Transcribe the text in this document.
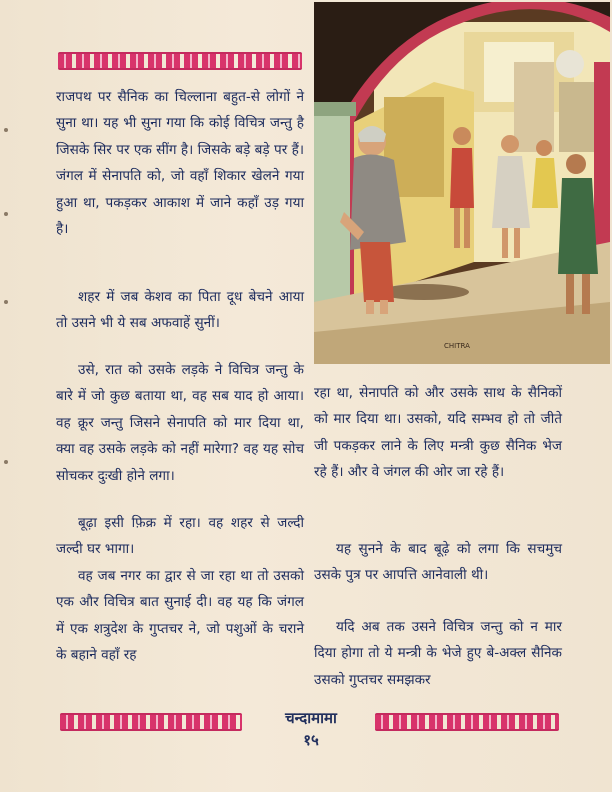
राजपथ पर सैनिक का चिल्लाना बहुत-से लोगों ने सुना था। यह भी सुना गया कि कोई विचित्र जन्तु है जिसके सिर पर एक सींग है। जिसके बड़े बड़े पर हैं। जंगल में सेनापति को, जो वहाँ शिकार खेलने गया हुआ था, पकड़कर आकाश में जाने कहाँ उड़ गया है।

शहर में जब केशव का पिता दूध बेचने आया तो उसने भी ये सब अफवाहें सुनीं।

उसे, रात को उसके लड़के ने विचित्र जन्तु के बारे में जो कुछ बताया था, वह सब याद हो आया। वह क्रूर जन्तु जिसने सेनापति को मार दिया था, क्या वह उसके लड़के को नहीं मारेगा? वह यह सोच सोचकर दुःखी होने लगा।

बूढ़ा इसी फ़िक्र में रहा। वह शहर से जल्दी जल्दी घर भागा।

वह जब नगर का द्वार से जा रहा था तो उसको एक और विचित्र बात सुनाई दी। वह यह कि जंगल में एक शत्रुदेश के गुप्तचर ने, जो पशुओं के चराने के बहाने वहाँ रह

CHITRA

रहा था, सेनापति को और उसके साथ के सैनिकों को मार दिया था। उसको, यदि सम्भव हो तो जीते जी पकड़कर लाने के लिए मन्त्री कुछ सैनिक भेज रहे हैं। और वे जंगल की ओर जा रहे हैं।

यह सुनने के बाद बूढ़े को लगा कि सचमुच उसके पुत्र पर आपत्ति आनेवाली थी।

यदि अब तक उसने विचित्र जन्तु को न मार दिया होगा तो ये मन्त्री के भेजे हुए बे-अक्ल सैनिक उसको गुप्तचर समझकर

चन्दामामा
१५
